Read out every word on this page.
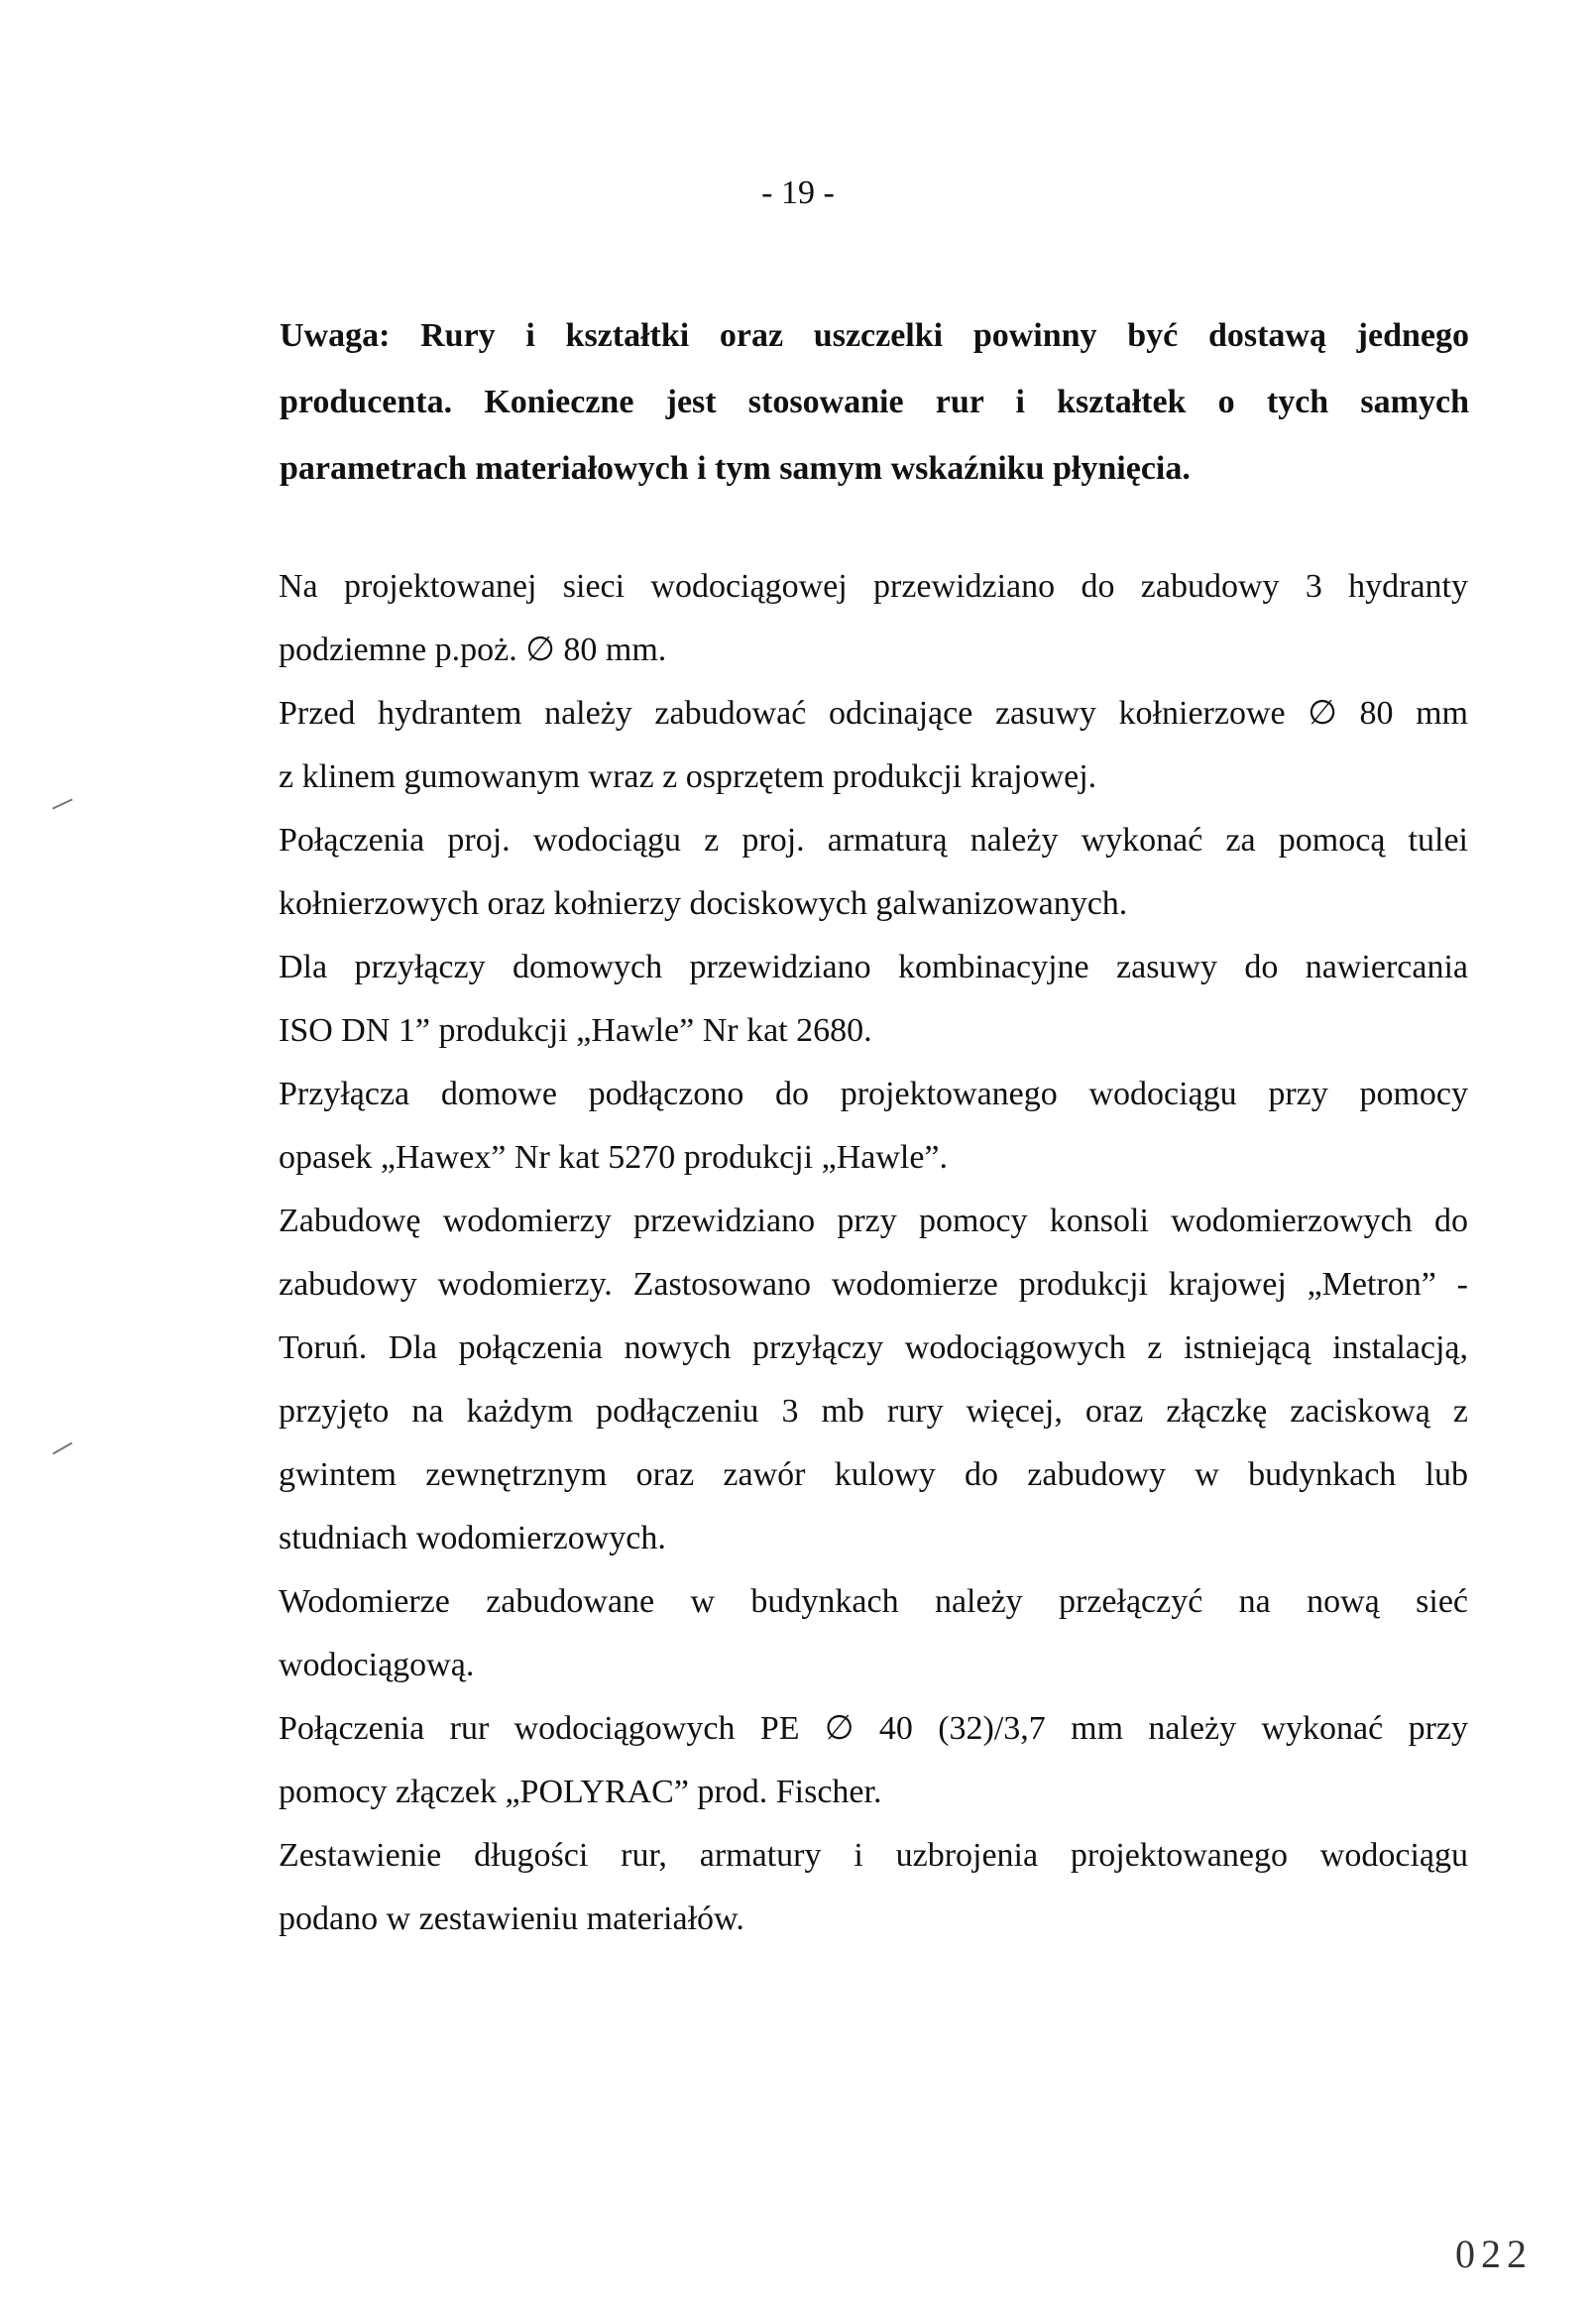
- 19 -
Uwaga: Rury i kształtki oraz uszczelki powinny być dostawą jednego
producenta. Konieczne jest stosowanie rur i kształtek o tych samych
parametrach materiałowych i tym samym wskaźniku płynięcia.

Na projektowanej sieci wodociągowej przewidziano do zabudowy 3 hydranty
podziemne p.poż. ∅ 80 mm.

Przed hydrantem należy zabudować odcinające zasuwy kołnierzowe ∅ 80 mm
z klinem gumowanym wraz z osprzętem produkcji krajowej.

Połączenia proj. wodociągu z proj. armaturą należy wykonać za pomocą tulei
kołnierzowych oraz kołnierzy dociskowych galwanizowanych.

Dla przyłączy domowych przewidziano kombinacyjne zasuwy do nawiercania
ISO DN 1” produkcji „Hawle” Nr kat 2680.

Przyłącza domowe podłączono do projektowanego wodociągu przy pomocy
opasek „Hawex” Nr kat 5270 produkcji „Hawle”.

Zabudowę wodomierzy przewidziano przy pomocy konsoli wodomierzowych do
zabudowy wodomierzy. Zastosowano wodomierze produkcji krajowej „Metron” -
Toruń. Dla połączenia nowych przyłączy wodociągowych z istniejącą instalacją,
przyjęto na każdym podłączeniu 3 mb rury więcej, oraz złączkę zaciskową z
gwintem zewnętrznym oraz zawór kulowy do zabudowy w budynkach lub
studniach wodomierzowych.

Wodomierze zabudowane w budynkach należy przełączyć na nową sieć
wodociągową.

Połączenia rur wodociągowych PE ∅ 40 (32)/3,7 mm należy wykonać przy
pomocy złączek „POLYRAC” prod. Fischer.

Zestawienie długości rur, armatury i uzbrojenia projektowanego wodociągu
podano w zestawieniu materiałów.

022
